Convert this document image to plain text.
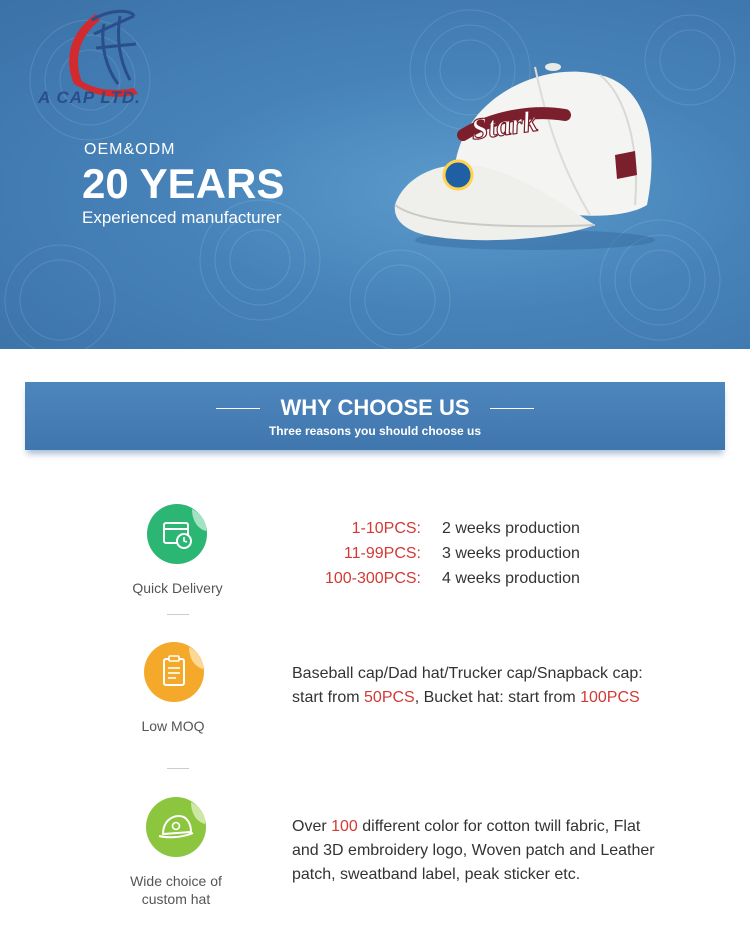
A CAP LTD.
OEM&ODM
20 YEARS
Experienced manufacturer
Stark
WHY CHOOSE US
Three reasons you should choose us
Quick Delivery
1-10PCS: 2 weeks production
11-99PCS: 3 weeks production
100-300PCS: 4 weeks production
Low MOQ
Baseball cap/Dad hat/Trucker cap/Snapback cap:
start from 50PCS, Bucket hat: start from 100PCS
Wide choice of
custom hat
Over 100 different color for cotton twill fabric, Flat
and 3D embroidery logo, Woven patch and Leather
patch, sweatband label, peak sticker etc.
